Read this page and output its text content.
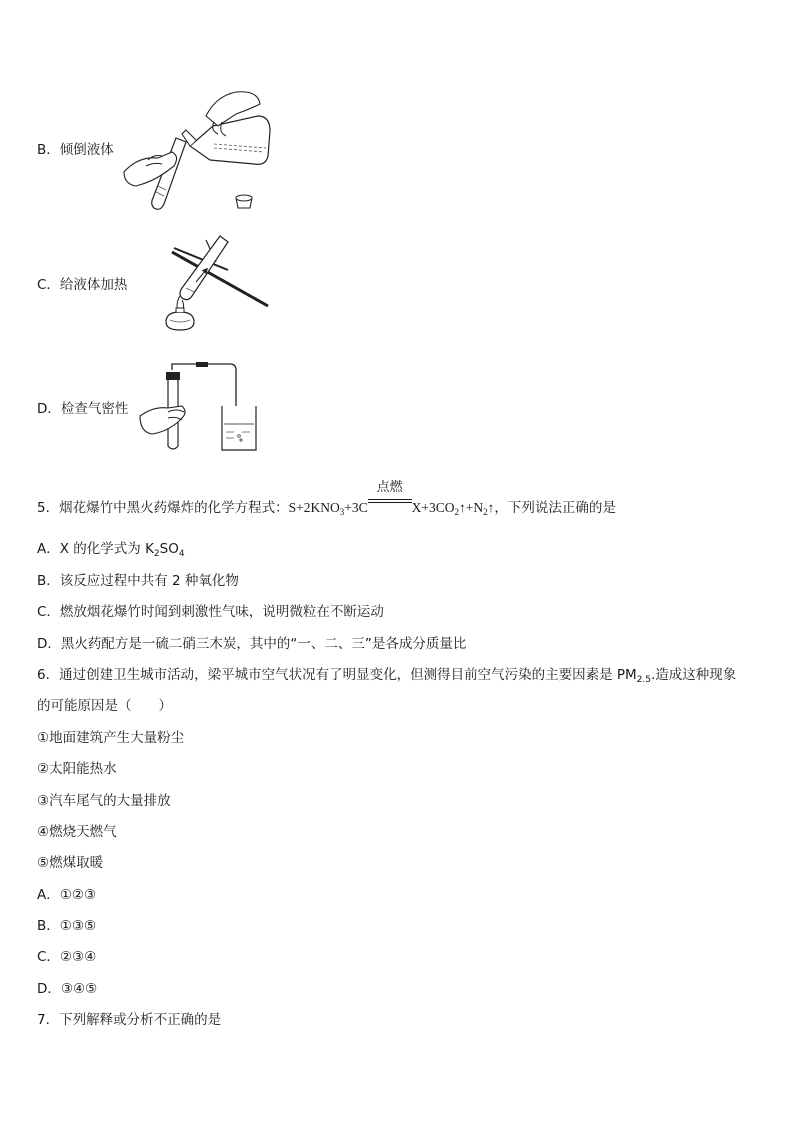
B．倾倒液体
C．给液体加热
D．检查气密性
5．烟花爆竹中黑火药爆炸的化学方程式：$S+2KNO_3+3C$
点燃
$X+3CO_2↑+N_2↑$，下列说法正确的是
A．X 的化学式为 $K_2SO_4$
B．该反应过程中共有 2 种氧化物
C．燃放烟花爆竹时闻到刺激性气味，说明微粒在不断运动
D．黑火药配方是一硫二硝三木炭，其中的“一、二、三”是各成分质量比
6．通过创建卫生城市活动，梁平城市空气状况有了明显变化，但测得目前空气污染的主要因素是 $PM_{2.5}$.造成这种现象
的可能原因是（　　）
①地面建筑产生大量粉尘
②太阳能热水
③汽车尾气的大量排放
④燃烧天燃气
⑤燃煤取暖
A．①②③
B．①③⑤
C．②③④
D．③④⑤
7．下列解释或分析不正确的是
